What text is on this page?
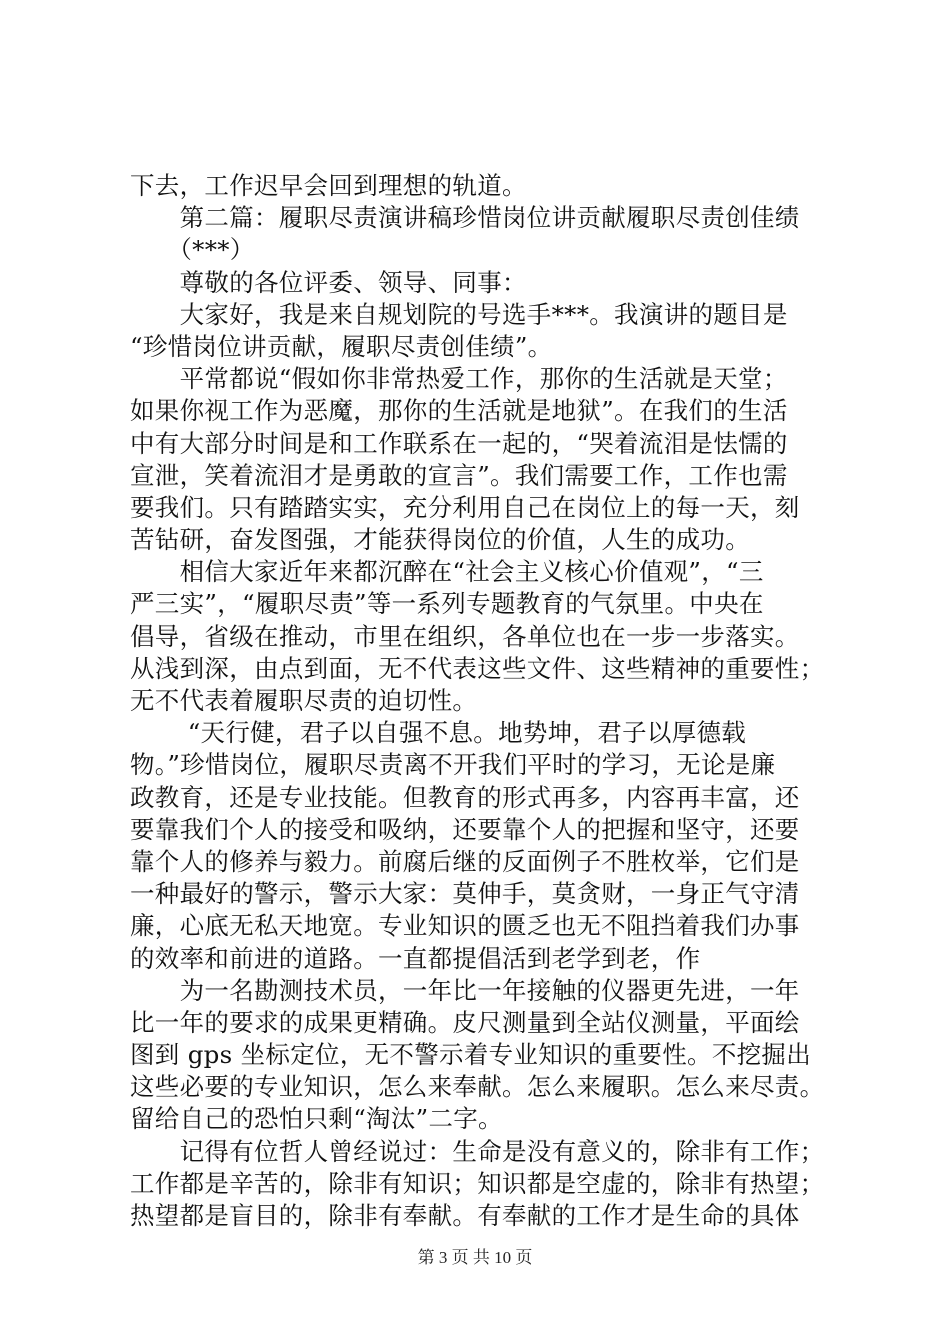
下去，工作迟早会回到理想的轨道。
　　第二篇：履职尽责演讲稿珍惜岗位讲贡献履职尽责创佳绩
　　（***）
　　尊敬的各位评委、领导、同事：
　　大家好，我是来自规划院的号选手***。我演讲的题目是
“珍惜岗位讲贡献，履职尽责创佳绩”。
　　平常都说“假如你非常热爱工作，那你的生活就是天堂；
如果你视工作为恶魔，那你的生活就是地狱”。在我们的生活
中有大部分时间是和工作联系在一起的，“哭着流泪是怯懦的
宣泄，笑着流泪才是勇敢的宣言”。我们需要工作，工作也需
要我们。只有踏踏实实，充分利用自己在岗位上的每一天，刻
苦钻研，奋发图强，才能获得岗位的价值，人生的成功。
　　相信大家近年来都沉醉在“社会主义核心价值观”，“三
严三实”，“履职尽责”等一系列专题教育的气氛里。中央在
倡导，省级在推动，市里在组织，各单位也在一步一步落实。
从浅到深，由点到面，无不代表这些文件、这些精神的重要性；
无不代表着履职尽责的迫切性。
　　 “天行健，君子以自强不息。地势坤，君子以厚德载
物。”珍惜岗位，履职尽责离不开我们平时的学习，无论是廉
政教育，还是专业技能。但教育的形式再多，内容再丰富，还
要靠我们个人的接受和吸纳，还要靠个人的把握和坚守，还要
靠个人的修养与毅力。前腐后继的反面例子不胜枚举，它们是
一种最好的警示，警示大家：莫伸手，莫贪财，一身正气守清
廉，心底无私天地宽。专业知识的匮乏也无不阻挡着我们办事
的效率和前进的道路。一直都提倡活到老学到老，作
　　为一名勘测技术员，一年比一年接触的仪器更先进，一年
比一年的要求的成果更精确。皮尺测量到全站仪测量，平面绘
图到 gps 坐标定位，无不警示着专业知识的重要性。不挖掘出
这些必要的专业知识，怎么来奉献。怎么来履职。怎么来尽责。
留给自己的恐怕只剩“淘汰”二字。
　　记得有位哲人曾经说过：生命是没有意义的，除非有工作；
工作都是辛苦的，除非有知识；知识都是空虚的，除非有热望；
热望都是盲目的，除非有奉献。有奉献的工作才是生命的具体
第 3 页 共 10 页
